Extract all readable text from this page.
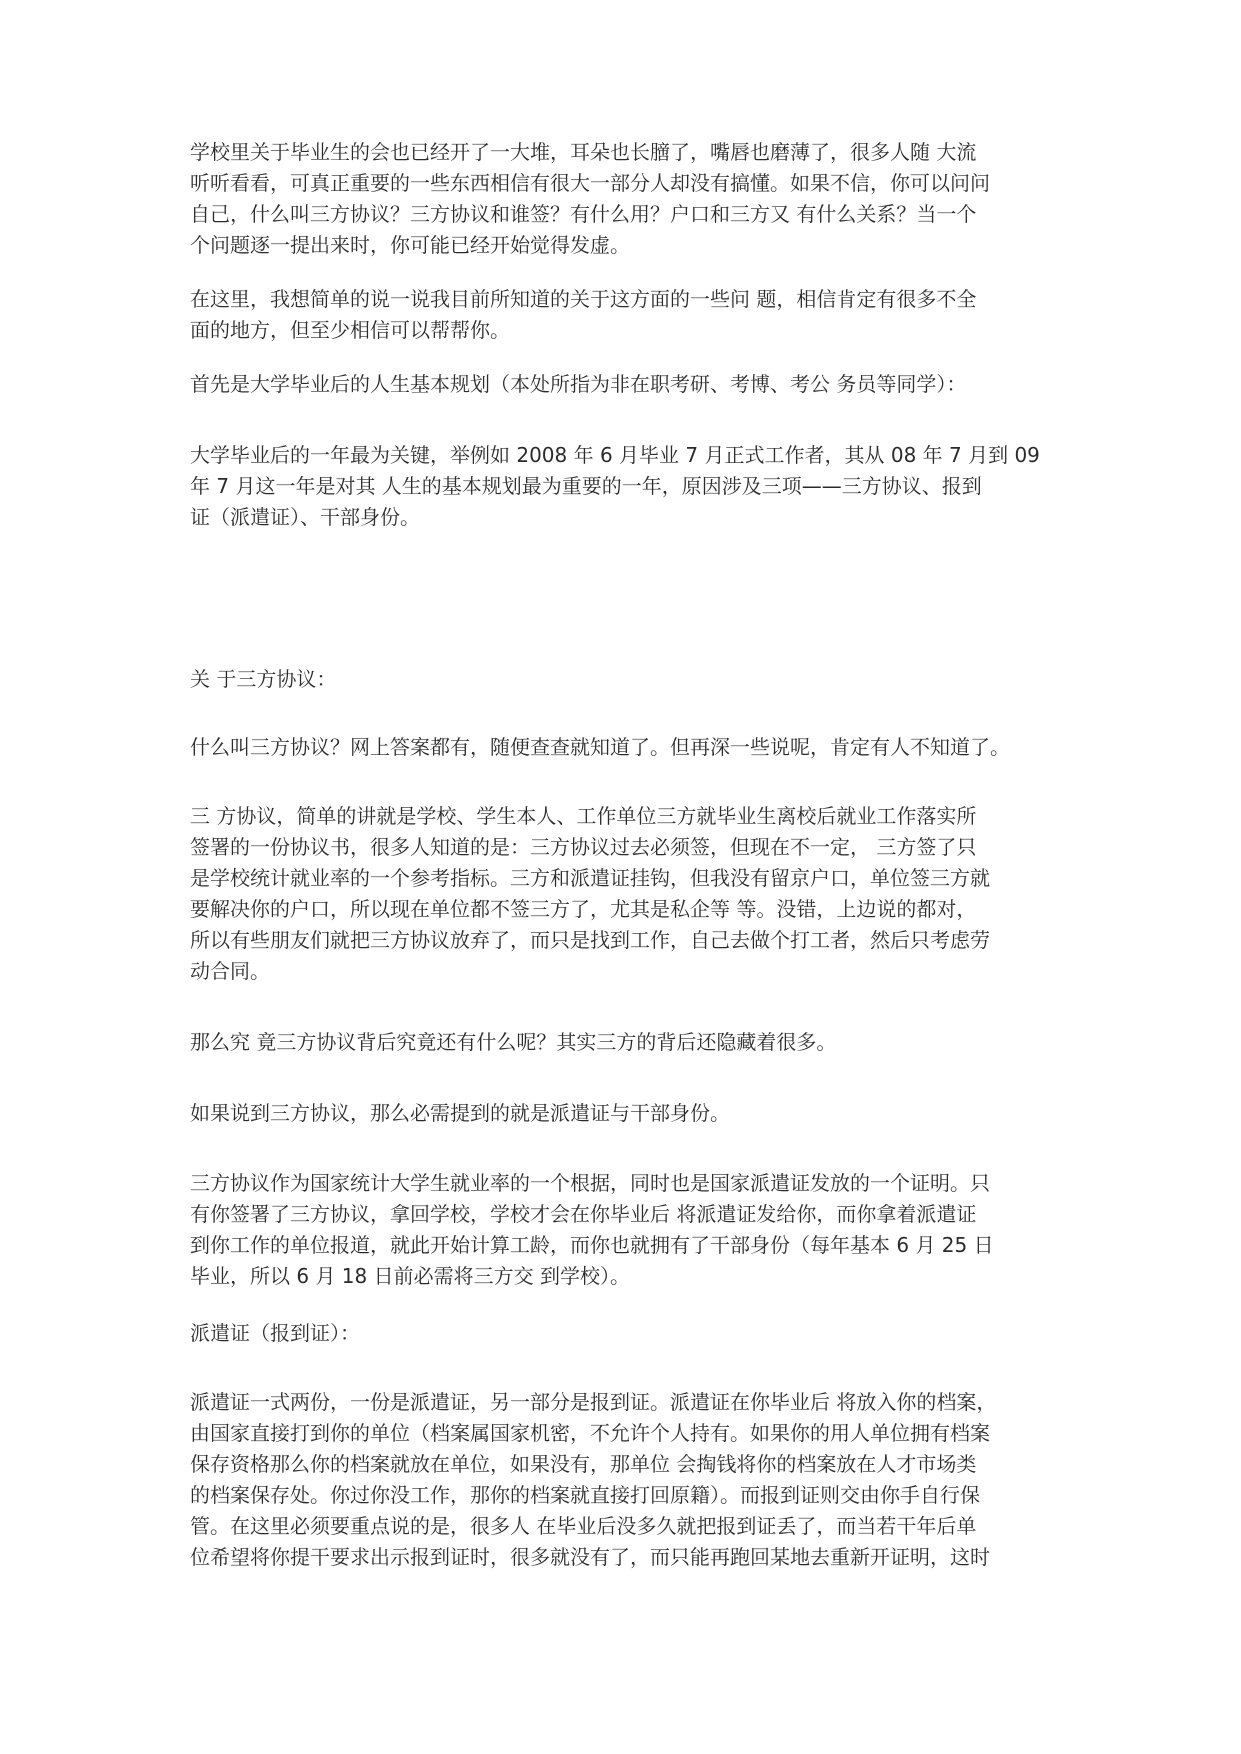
学校里关于毕业生的会也已经开了一大堆，耳朵也长膪了，嘴唇也磨薄了，很多人随 大流
听听看看，可真正重要的一些东西相信有很大一部分人却没有搞懂。如果不信，你可以问问
自己，什么叫三方协议？三方协议和谁签？有什么用？户口和三方又 有什么关系？当一个
个问题逐一提出来时，你可能已经开始觉得发虚。

在这里，我想简单的说一说我目前所知道的关于这方面的一些问 题，相信肯定有很多不全
面的地方，但至少相信可以帮帮你。

首先是大学毕业后的人生基本规划（本处所指为非在职考研、考博、考公 务员等同学）：

大学毕业后的一年最为关键，举例如 2008 年 6 月毕业 7 月正式工作者，其从 08 年 7 月到 09
年 7 月这一年是对其 人生的基本规划最为重要的一年，原因涉及三项——三方协议、报到
证（派遣证）、干部身份。

关 于三方协议：

什么叫三方协议？网上答案都有，随便查查就知道了。但再深一些说呢，肯定有人不知道了。

三 方协议，简单的讲就是学校、学生本人、工作单位三方就毕业生离校后就业工作落实所
签署的一份协议书，很多人知道的是：三方协议过去必须签，但现在不一定， 三方签了只
是学校统计就业率的一个参考指标。三方和派遣证挂钩，但我没有留京户口，单位签三方就
要解决你的户口，所以现在单位都不签三方了，尤其是私企等 等。没错，上边说的都对，
所以有些朋友们就把三方协议放弃了，而只是找到工作，自己去做个打工者，然后只考虑劳
动合同。

那么究 竟三方协议背后究竟还有什么呢？其实三方的背后还隐藏着很多。

如果说到三方协议，那么必需提到的就是派遣证与干部身份。

三方协议作为国家统计大学生就业率的一个根据，同时也是国家派遣证发放的一个证明。只
有你签署了三方协议，拿回学校，学校才会在你毕业后 将派遣证发给你，而你拿着派遣证
到你工作的单位报道，就此开始计算工龄，而你也就拥有了干部身份（每年基本 6 月 25 日
毕业，所以 6 月 18 日前必需将三方交 到学校）。

派遣证（报到证）：

派遣证一式两份，一份是派遣证，另一部分是报到证。派遣证在你毕业后 将放入你的档案，
由国家直接打到你的单位（档案属国家机密，不允许个人持有。如果你的用人单位拥有档案
保存资格那么你的档案就放在单位，如果没有，那单位 会掏钱将你的档案放在人才市场类
的档案保存处。你过你没工作，那你的档案就直接打回原籍）。而报到证则交由你手自行保
管。在这里必须要重点说的是，很多人 在毕业后没多久就把报到证丢了，而当若干年后单
位希望将你提干要求出示报到证时，很多就没有了，而只能再跑回某地去重新开证明，这时
